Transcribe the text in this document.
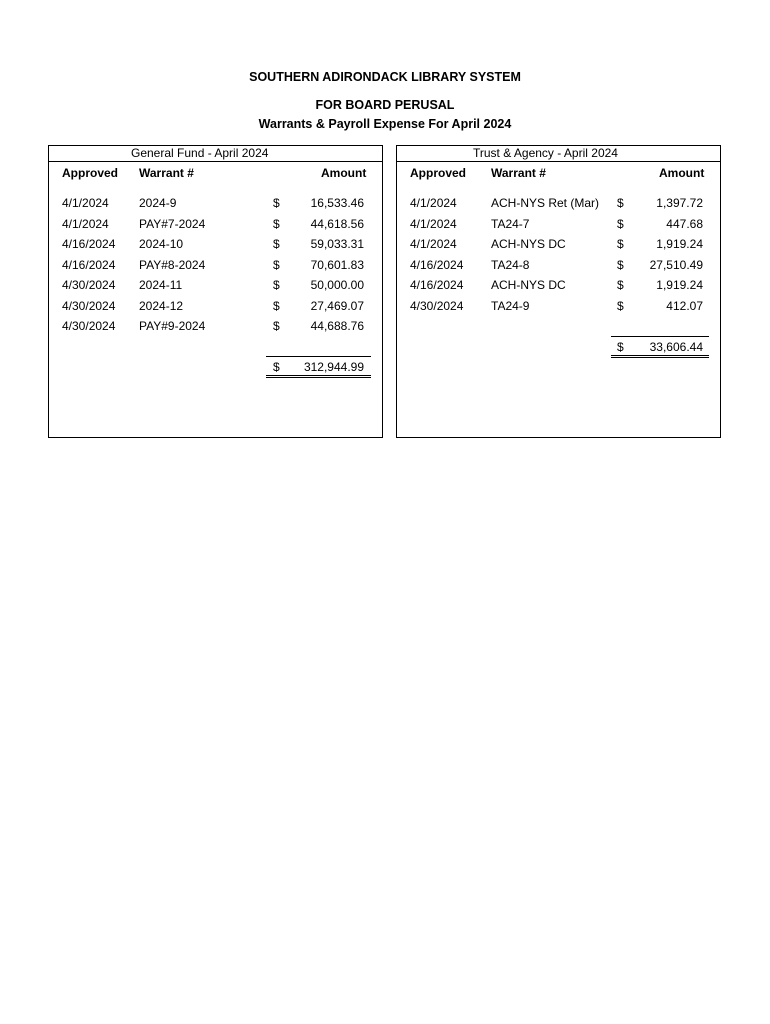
SOUTHERN ADIRONDACK LIBRARY SYSTEM
FOR BOARD PERUSAL
Warrants & Payroll Expense For April 2024
General Fund - April 2024
Approved Warrant #	Amount
4/1/2024	2024-9	$	16,533.46
4/1/2024	PAY#7-2024	$	44,618.56
4/16/2024 2024-10	$	59,033.31
4/16/2024 PAY#8-2024	$	70,601.83
4/30/2024 2024-11	$	50,000.00
4/30/2024 2024-12	$	27,469.07
4/30/2024 PAY#9-2024	$	44,688.76
$	312,944.99
Trust & Agency - April 2024
Approved Warrant #	Amount
4/1/2024	ACH-NYS Ret (Mar) $	1,397.72
4/1/2024	TA24-7	$	447.68
4/1/2024	ACH-NYS DC	$	1,919.24
4/16/2024 TA24-8	$	27,510.49
4/16/2024 ACH-NYS DC	$	1,919.24
4/30/2024 TA24-9	$	412.07
$	33,606.44
